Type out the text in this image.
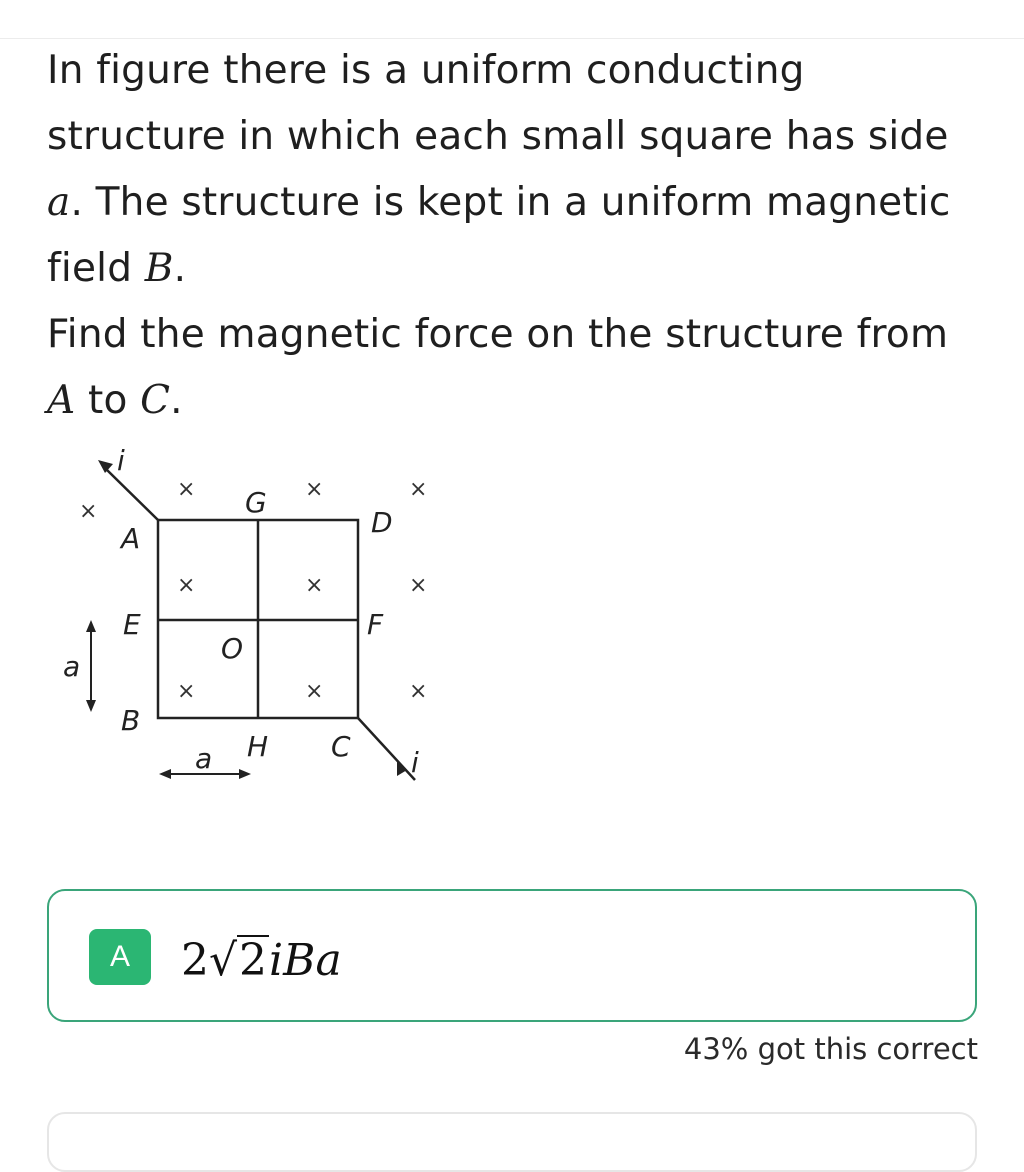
In figure there is a uniform conducting structure in which each small square has side a. The structure is kept in a uniform magnetic field B.

Find the magnetic force on the structure from A to C.

i
i
A
G
D
E	F
O
B
H C
×
×	×	×
×	×	×
×	×	×
a
a
A	2√2iBa
43% got this correct
